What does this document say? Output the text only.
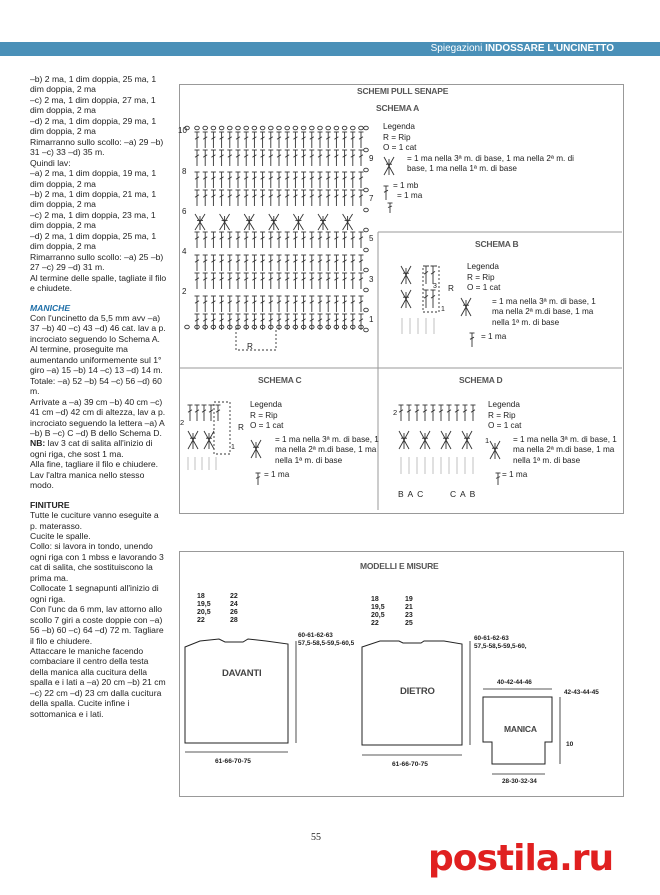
Spiegazioni INDOSSARE L'UNCINETTO

–b) 2 ma, 1 dim doppia, 25 ma, 1 dim doppia, 2 ma

–c) 2 ma, 1 dim doppia, 27 ma, 1 dim doppia, 2 ma

–d) 2 ma, 1 dim doppia, 29 ma, 1 dim doppia, 2 ma

Rimarranno sullo scollo: –a) 29 –b) 31 –c) 33 –d) 35 m.

Quindi lav:

–a) 2 ma, 1 dim doppia, 19 ma, 1 dim doppia, 2 ma

–b) 2 ma, 1 dim doppia, 21 ma, 1 dim doppia, 2 ma

–c) 2 ma, 1 dim doppia, 23 ma, 1 dim doppia, 2 ma

–d) 2 ma, 1 dim doppia, 25 ma, 1 dim doppia, 2 ma

Rimarranno sullo scollo: –a) 25 –b) 27 –c) 29 –d) 31 m.

Al termine delle spalle, tagliate il filo e chiudete.

MANICHE

Con l'uncinetto da 5,5 mm avv –a) 37 –b) 40 –c) 43 –d) 46 cat. lav a p. incrociato seguendo lo Schema A.

Al termine, proseguite ma aumentando uniformemente sul 1° giro –a) 15 –b) 14 –c) 13 –d) 14 m. Totale: –a) 52 –b) 54 –c) 56 –d) 60 m.

Arrivate a –a) 39 cm –b) 40 cm –c) 41 cm –d) 42 cm di altezza, lav a p. incrociato seguendo la lettera –a) A –b) B –c) C –d) B dello Schema D.

NB: lav 3 cat di salita all'inizio di ogni riga, che sost 1 ma.

Alla fine, tagliare il filo e chiudere.

Lav l'altra manica nello stesso modo.

FINITURE

Tutte le cuciture vanno eseguite a p. materasso.

Cucite le spalle.

Collo: si lavora in tondo, unendo ogni riga con 1 mbss e lavorando 3 cat di salita, che sostituiscono la prima ma.

Collocate 1 segnapunti all'inizio di ogni riga.

Con l'unc da 6 mm, lav attorno allo scollo 7 giri a coste doppie con –a) 56 –b) 60 –c) 64 –d) 72 m. Tagliare il filo e chiudere.

Attaccare le maniche facendo combaciare il centro della testa della manica alla cucitura della spalla e i lati a –a) 20 cm –b) 21 cm –c) 22 cm –d) 23 cm dalla cucitura della spalla. Cucite infine i sottomanica e i lati.

SCHEMI PULL SENAPE
SCHEMA A
10
8
6
4
2
9
7
5
3
1
R
Legenda
R = Rip
O = 1 cat
= 1 ma nella 3ª m. di base, 1 ma nella 2ª m. di base, 1 ma nella 1ª m. di base
= 1 mb
= 1 ma
SCHEMA B
R
3
1
Legenda
R = Rip
O = 1 cat
= 1 ma nella 3ª m. di base, 1 ma nella 2ª m.di base, 1 ma nella 1ª m. di base
= 1 ma
SCHEMA C
2
1
R
Legenda
R = Rip
O = 1 cat
= 1 ma nella 3ª m. di base, 1 ma nella 2ª m.di base, 1 ma nella 1ª m. di base
= 1 ma
SCHEMA D
2
1
B A C	C A B
Legenda
R = Rip
O = 1 cat
= 1 ma nella 3ª m. di base, 1 ma nella 2ª m.di base, 1 ma nella 1ª m. di base
= 1 ma
MODELLI E MISURE
DAVANTI
18
19,5
20,5
22
22
24
26
28
60-61-62-63
57,5-58,5-59,5-60,5
61-66-70-75
DIETRO
18
19,5
20,5
22
19
21
23
25
60-61-62-63
57,5-58,5-59,5-60,
61-66-70-75
MANICA
40-42-44-46
42-43-44-45
10
28-30-32-34
55
postila.ru
